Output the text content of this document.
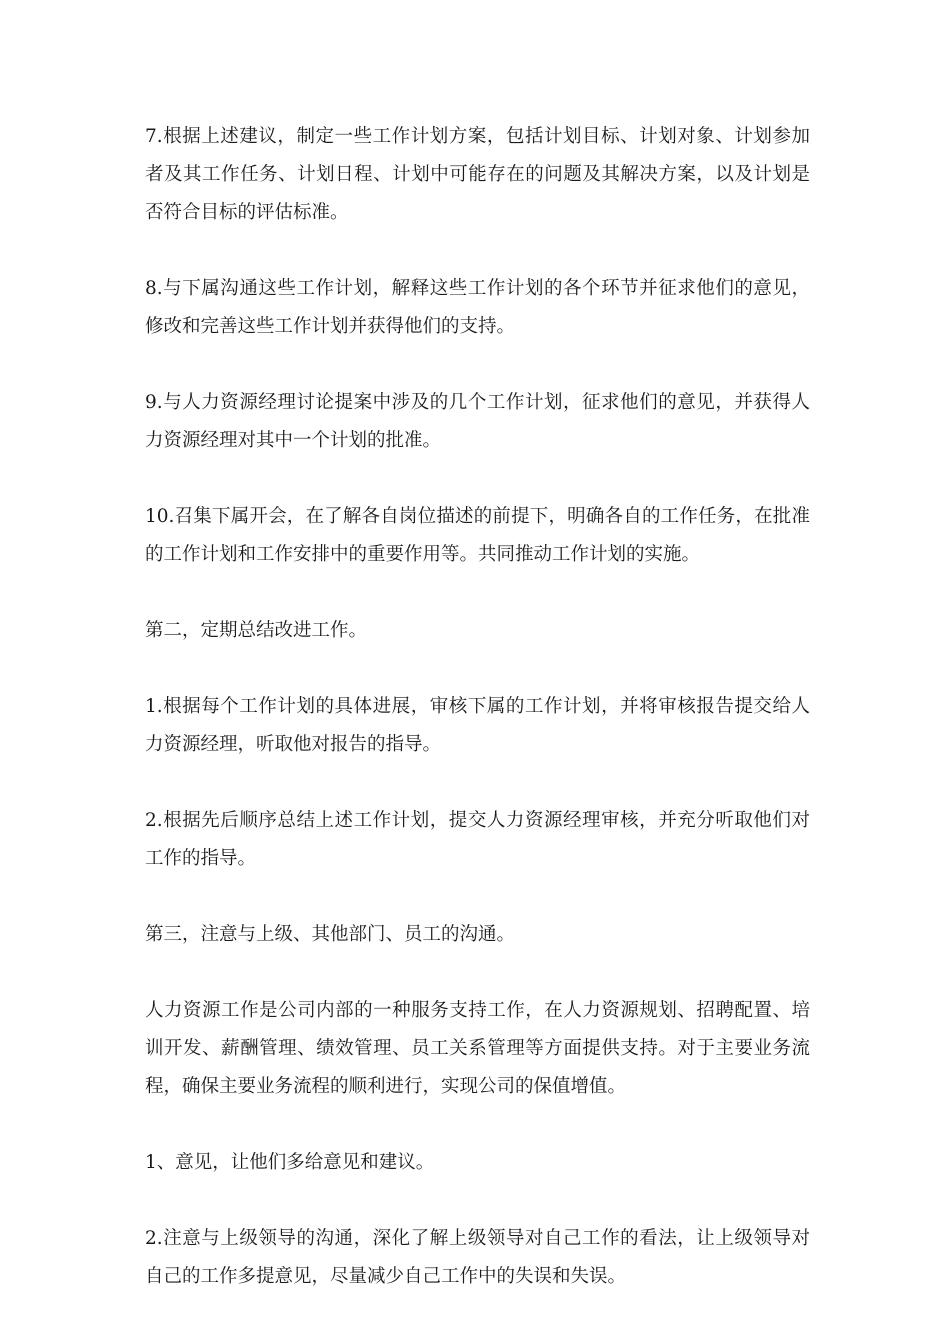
7.根据上述建议，制定一些工作计划方案，包括计划目标、计划对象、计划参加者及其工作任务、计划日程、计划中可能存在的问题及其解决方案，以及计划是否符合目标的评估标准。

8.与下属沟通这些工作计划，解释这些工作计划的各个环节并征求他们的意见，修改和完善这些工作计划并获得他们的支持。

9.与人力资源经理讨论提案中涉及的几个工作计划，征求他们的意见，并获得人力资源经理对其中一个计划的批准。

10.召集下属开会，在了解各自岗位描述的前提下，明确各自的工作任务，在批准的工作计划和工作安排中的重要作用等。共同推动工作计划的实施。

第二，定期总结改进工作。

1.根据每个工作计划的具体进展，审核下属的工作计划，并将审核报告提交给人力资源经理，听取他对报告的指导。

2.根据先后顺序总结上述工作计划，提交人力资源经理审核，并充分听取他们对工作的指导。

第三，注意与上级、其他部门、员工的沟通。

人力资源工作是公司内部的一种服务支持工作，在人力资源规划、招聘配置、培训开发、薪酬管理、绩效管理、员工关系管理等方面提供支持。对于主要业务流程，确保主要业务流程的顺利进行，实现公司的保值增值。

1、意见，让他们多给意见和建议。

2.注意与上级领导的沟通，深化了解上级领导对自己工作的看法，让上级领导对自己的工作多提意见，尽量减少自己工作中的失误和失误。
